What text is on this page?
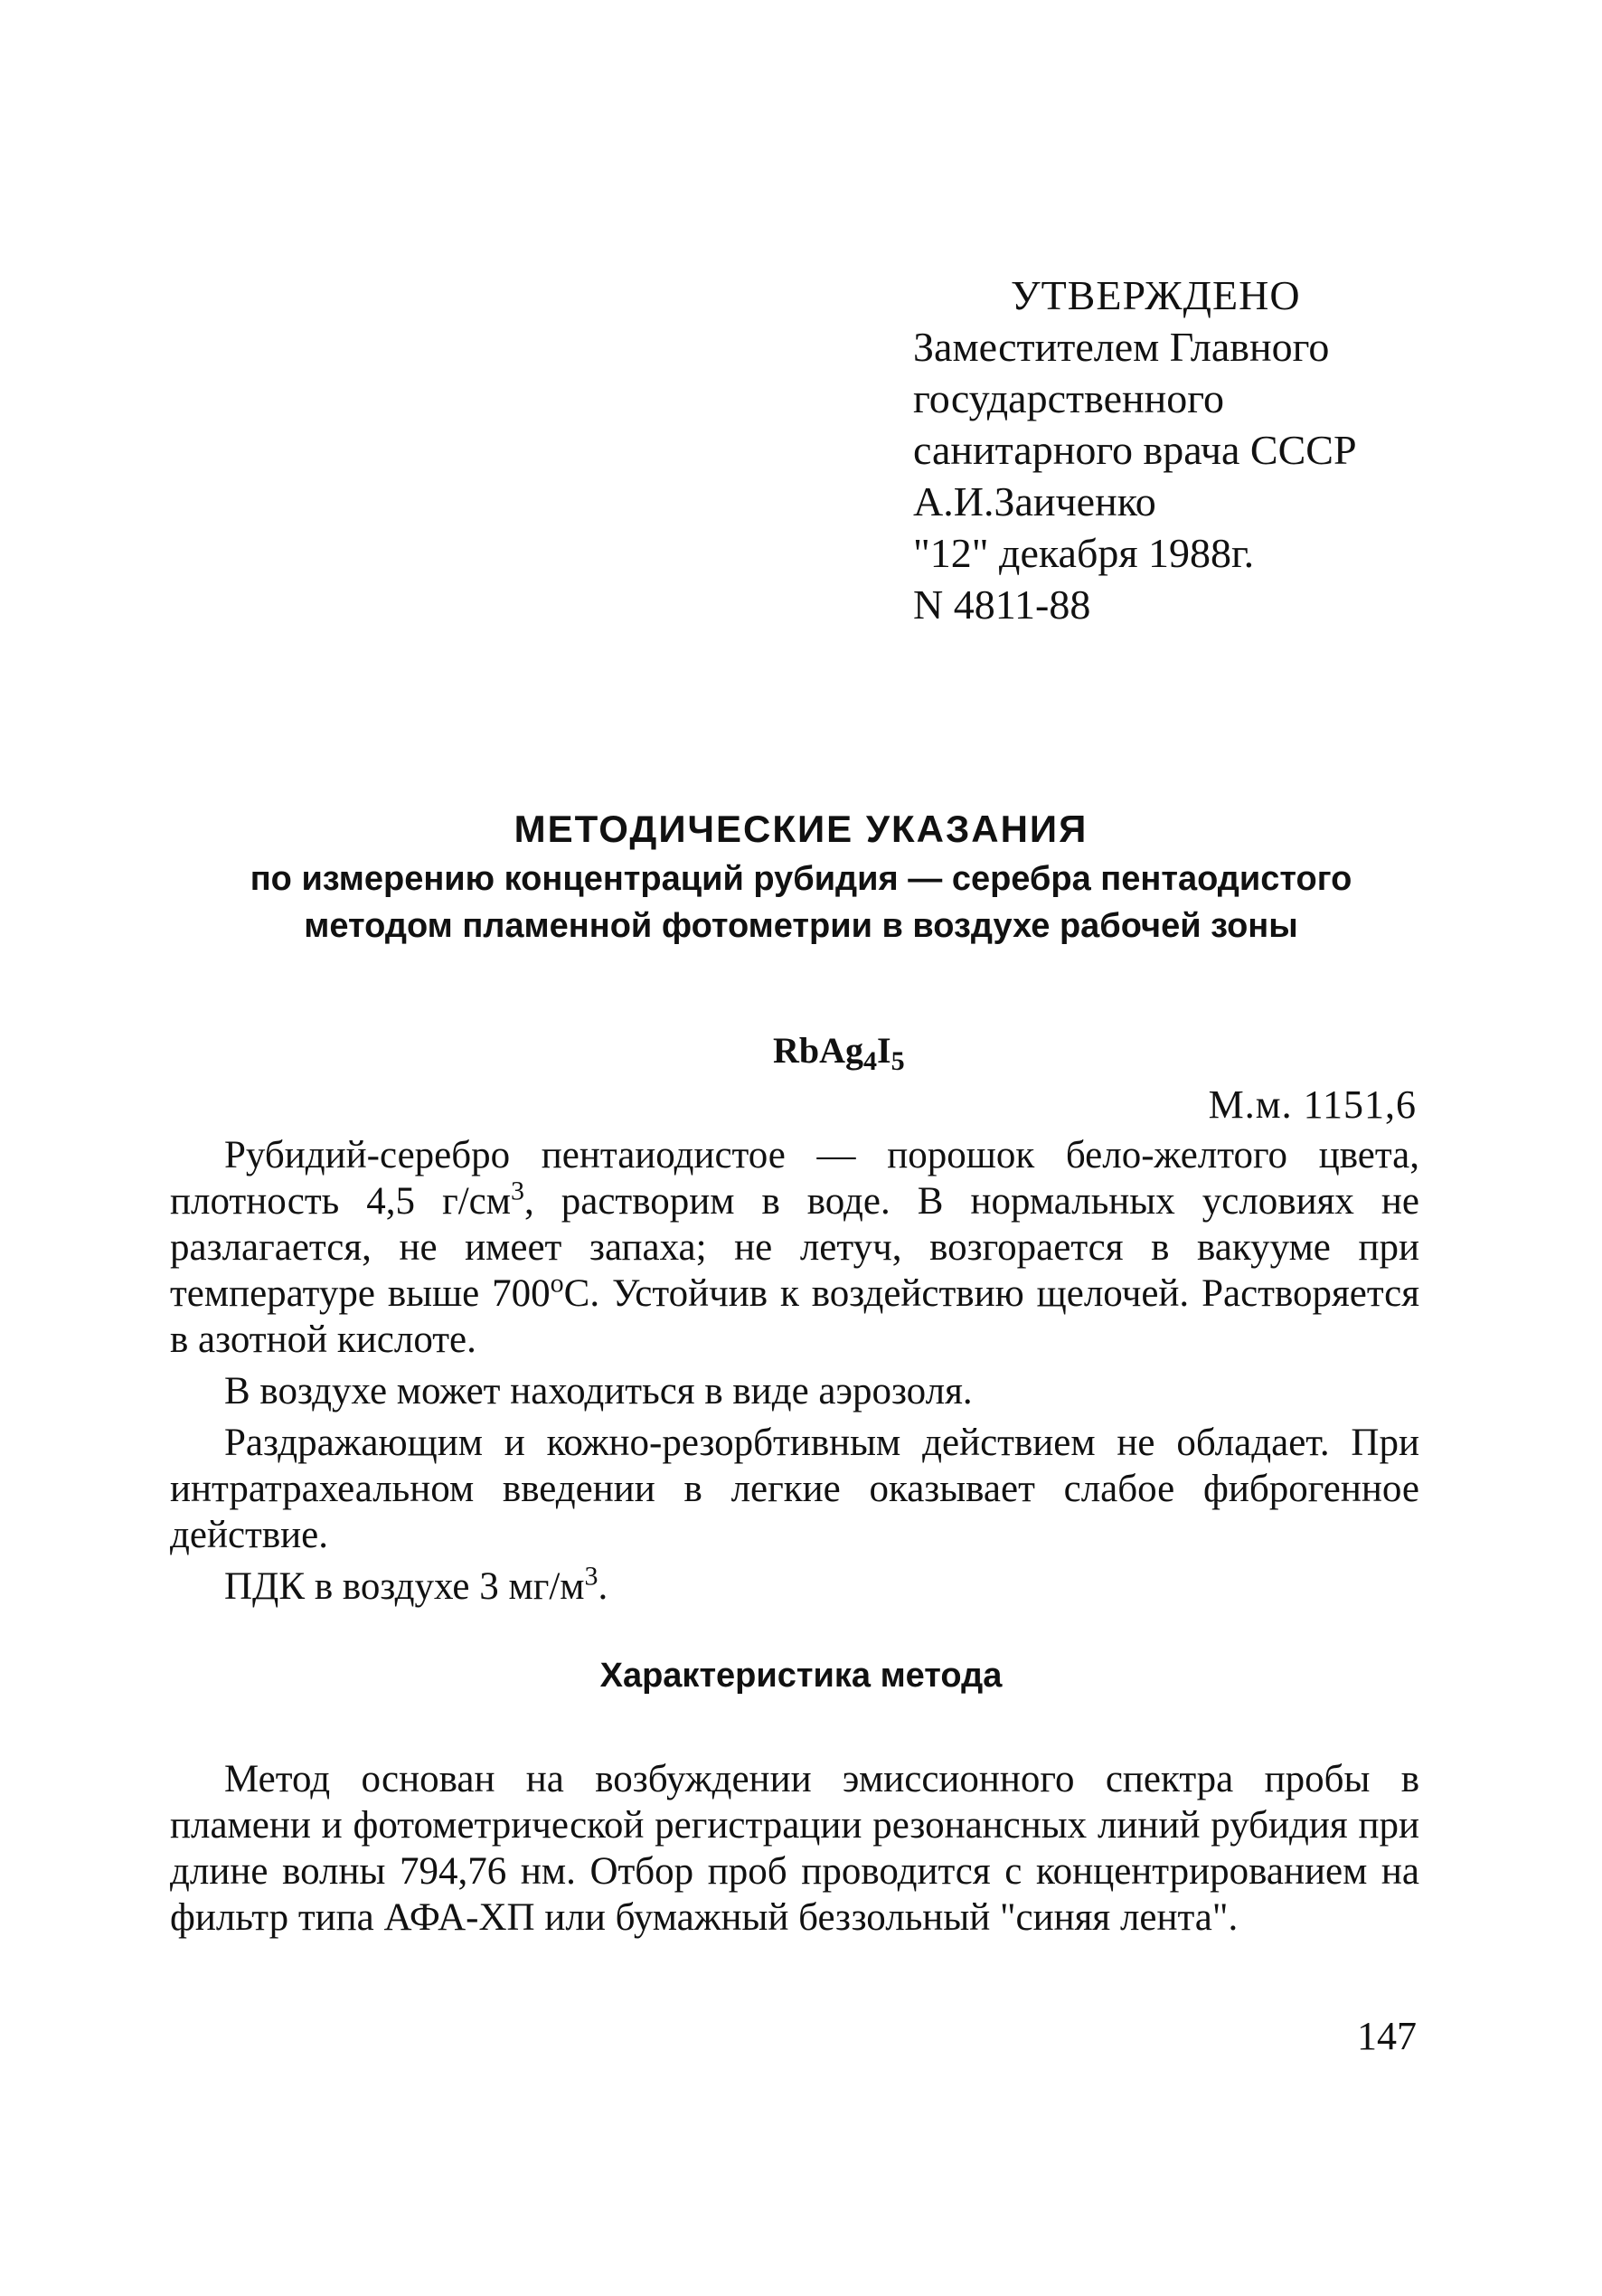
УТВЕРЖДЕНО
Заместителем Главного
государственного
санитарного врача СССР
А.И.Заиченко
"12" декабря 1988г.
N 4811-88
МЕТОДИЧЕСКИЕ УКАЗАНИЯ
по измерению концентраций рубидия — серебра пентаодистого
методом пламенной фотометрии в воздухе рабочей зоны
$RbAg_4I_5$
М.м. 1151,6

Рубидий-серебро пентаиодистое — порошок бело-желтого цвета, плотность 4,5 $г/см^3$, растворим в воде. В нормальных условиях не разлагается, не имеет запаха; не летуч, возгорается в вакууме при температуре выше $700^оС$. Устойчив к воздействию щелочей. Растворяется в азотной кислоте.

В воздухе может находиться в виде аэрозоля.

Раздражающим и кожно-резорбтивным действием не обладает. При интратрахеальном введении в легкие оказывает слабое фиброгенное действие.

ПДК в воздухе 3 $мг/м^3$.

Характеристика метода

Метод основан на возбуждении эмиссионного спектра пробы в пламени и фотометрической регистрации резонансных линий рубидия при длине волны 794,76 нм. Отбор проб проводится с концентрированием на фильтр типа АФА-ХП или бумажный беззольный "синяя лента".

147
